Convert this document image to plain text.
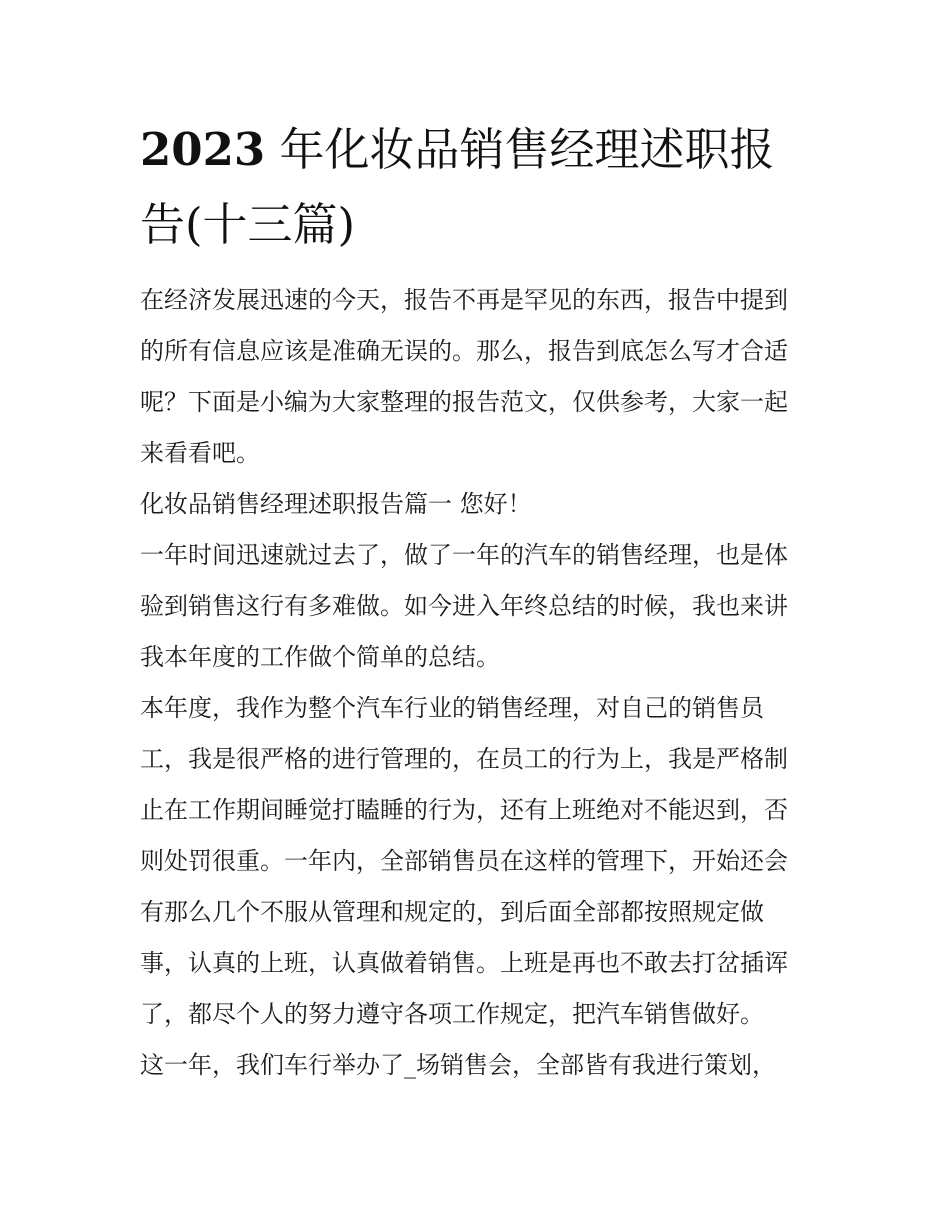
2023 年化妆品销售经理述职报
告(十三篇)
在经济发展迅速的今天，报告不再是罕见的东西，报告中提到
的所有信息应该是准确无误的。那么，报告到底怎么写才合适
呢？下面是小编为大家整理的报告范文，仅供参考，大家一起
来看看吧。
化妆品销售经理述职报告篇一 您好！
一年时间迅速就过去了，做了一年的汽车的销售经理，也是体
验到销售这行有多难做。如今进入年终总结的时候，我也来讲
我本年度的工作做个简单的总结。
本年度，我作为整个汽车行业的销售经理，对自己的销售员
工，我是很严格的进行管理的，在员工的行为上，我是严格制
止在工作期间睡觉打瞌睡的行为，还有上班绝对不能迟到，否
则处罚很重。一年内，全部销售员在这样的管理下，开始还会
有那么几个不服从管理和规定的，到后面全部都按照规定做
事，认真的上班，认真做着销售。上班是再也不敢去打岔插诨
了，都尽个人的努力遵守各项工作规定，把汽车销售做好。
这一年，我们车行举办了_场销售会，全部皆有我进行策划，
